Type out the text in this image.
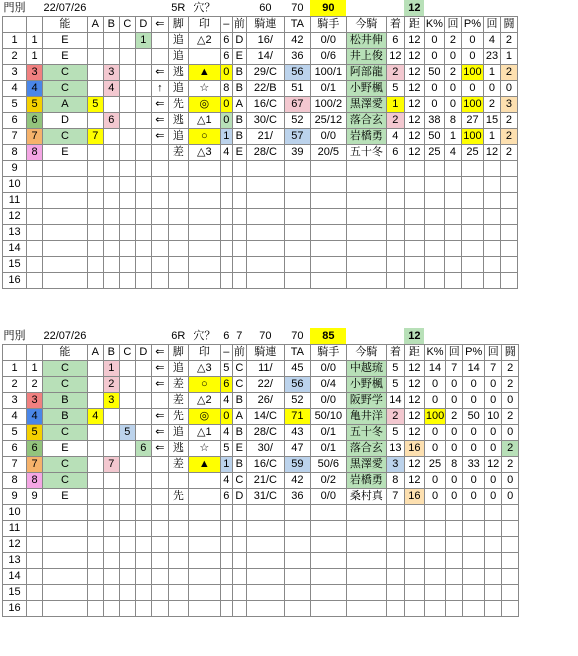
門別		22/07/26						5R	穴？			60	70	90			12					
		能	A	B	C	D	⇐	脚	印	–	前	騎連	TA	騎手	今騎	着	距	K%	回	P%	回	闘
1	1	E				1		追	△2	6	D	16/	42	0/0	松井伸	6	12	0	2	0	4	2
2	1	E						追		6	E	14/	36	0/6	井上俊	12	12	0	0	0	23	1
3	3	C		3			⇐	逃	▲	0	B	29/C	56	100/1	阿部龍	2	12	50	2	100	1	2
4	4	C		4			↑	追	☆	8	B	22/B	51	0/1	小野楓	5	12	0	0	0	0	0
5	5	A	5				⇐	先	◎	0	A	16/C	67	100/2	黒澤愛	1	12	0	0	100	2	3
6	6	D		6			⇐	逃	△1	0	B	30/C	52	25/12	落合玄	2	12	38	8	27	15	2
7	7	C	7				⇐	追	○	1	B	21/	57	0/0	岩橋勇	4	12	50	1	100	1	2
8	8	E						差	△3	4	E	28/C	39	20/5	五十冬	6	12	25	4	25	12	2
9																						
10																						
11																						
12																						
13																						
14																						
15																						
16																						
門別		22/07/26						6R	穴？	6	7	70	70	85			12					
		能	A	B	C	D	⇐	脚	印	–	前	騎連	TA	騎手	今騎	着	距	K%	回	P%	回	闘
1	1	C		1			⇐	追	△3	5	C	11/	45	0/0	中越琉	5	12	14	7	14	7	2
2	2	C		2			⇐	差	○	6	C	22/	56	0/4	小野楓	5	12	0	0	0	0	2
3	3	B		3				差	△2	4	B	26/	52	0/0	阪野学	14	12	0	0	0	0	0
4	4	B	4				⇐	先	◎	0	A	14/C	71	50/10	亀井洋	2	12	100	2	50	10	2
5	5	C			5		⇐	追	△1	4	B	28/C	43	0/1	五十冬	5	12	0	0	0	0	0
6	6	E				6	⇐	逃	☆	5	E	30/	47	0/1	落合玄	13	16	0	0	0	0	2
7	7	C		7				差	▲	1	B	16/C	59	50/6	黒澤愛	3	12	25	8	33	12	2
8	8	C								4	C	21/C	42	0/2	岩橋勇	8	12	0	0	0	0	0
9	9	E						先		6	D	31/C	36	0/0	桑村真	7	16	0	0	0	0	0
10																						
11																						
12																						
13																						
14																						
15																						
16																						
